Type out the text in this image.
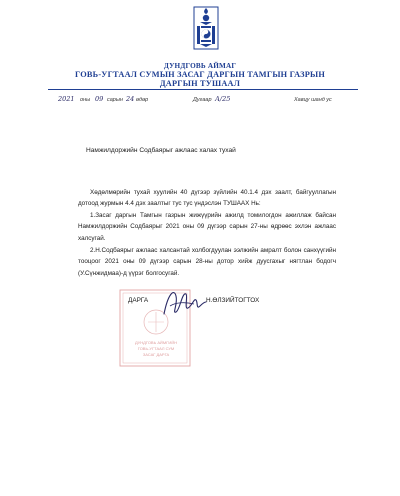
ДУНДГОВЬ АЙМАГ
ГОВЬ-УГТААЛ СУМЫН ЗАСАГ ДАРГЫН ТАМГЫН ГАЗРЫН
ДАРГЫН ТУШААЛ
2021 оны 09 сарын 24 өдөр	Дугаар А/25	Хавцу шанд ус
Намжилдоржийн Содбаярыг ажлаас халах тухай
Хөдөлмөрийн тухай хуулийн 40 дүгээр зүйлийн 40.1.4 дэх заалт, байгууллагын дотоод журмын 4.4 дэх заалтыг тус тус үндэслэн ТУШААХ Нь:
1.Засаг даргын Тамгын газрын жижүүрийн ажилд томилогдон ажиллаж байсан Намжилдоржийн Содбаярыг 2021 оны 09 дүгээр сарын 27-ны өдрөөс эхлэн ажлаас халсугай.
2.Н.Содбаярыг ажлаас халсантай холбогдуулан ээлжийн амралт болон санхүүгийн тооцоог 2021 оны 09 дүгээр сарын 28-ны дотор хийж дуусгахыг нягтлан бодогч (У.Сүнжидмаа)-д үүрэг болгосугай.
ДУНДГОВЬ АЙМГИЙН
ГОВЬ-УГТААЛ СУМ
ЗАСАГ ДАРГА
ДАРГА	Н.ӨЛЗИЙТОГТОХ
